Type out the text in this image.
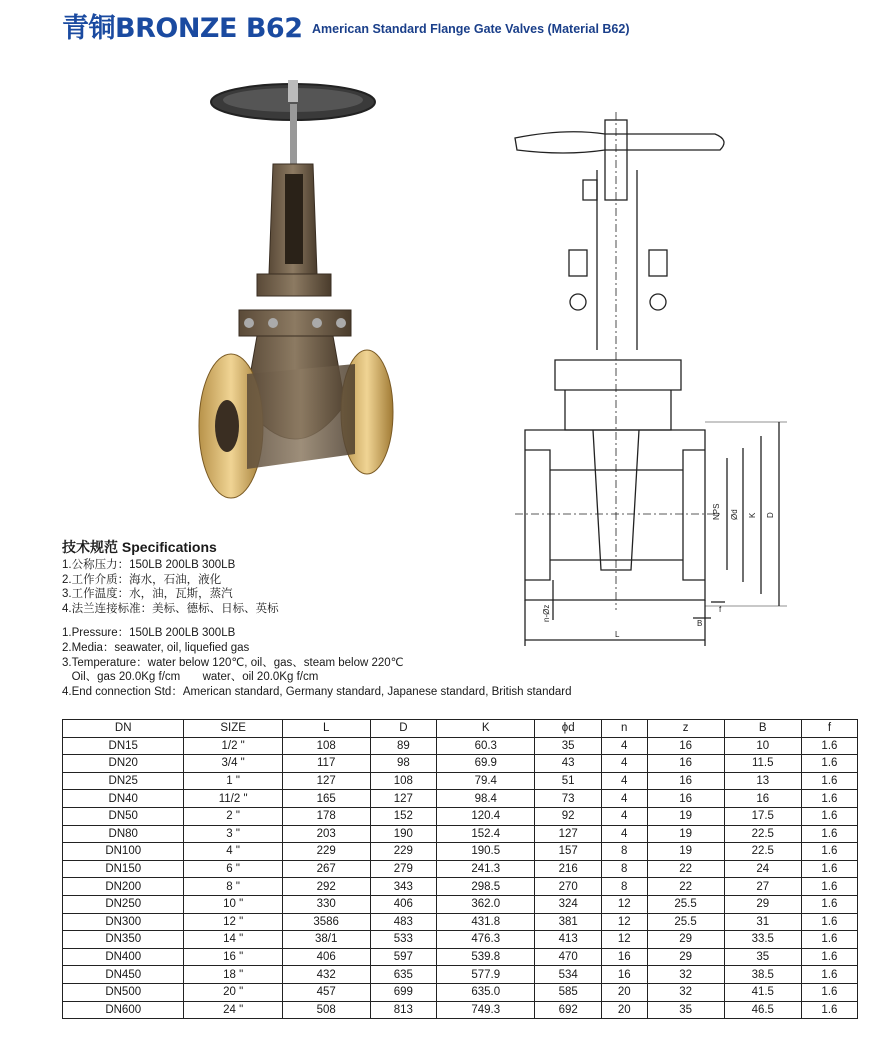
青铜BRONZE B62 American Standard Flange Gate Valves (Material B62)
NPS Ød K D
n-Øz	f
B
L
技术规范 Specifications
1.公称压力：150LB 200LB 300LB
2.工作介质：海水，石油，液化
3.工作温度：水，油，瓦斯，蒸汽
4.法兰连接标准：美标、德标、日标、英标
1.Pressure：150LB 200LB 300LB
2.Media：seawater, oil, liquefied gas
3.Temperature：water below 120℃, oil、gas、steam below 220℃
Oil、gas 20.0Kg f/cm       water、oil 20.0Kg f/cm
4.End connection Std：American standard, Germany standard, Japanese standard, British standard
DN	SIZE	L	D	K	ϕd	n	z	B	f
DN15	1/2 "	108	89	60.3	35	4	16	10	1.6
DN20	3/4 "	117	98	69.9	43	4	16	11.5	1.6
DN25	1 "	127	108	79.4	51	4	16	13	1.6
DN40	11/2 "	165	127	98.4	73	4	16	16	1.6
DN50	2 "	178	152	120.4	92	4	19	17.5	1.6
DN80	3 "	203	190	152.4	127	4	19	22.5	1.6
DN100	4 "	229	229	190.5	157	8	19	22.5	1.6
DN150	6 "	267	279	241.3	216	8	22	24	1.6
DN200	8 "	292	343	298.5	270	8	22	27	1.6
DN250	10 "	330	406	362.0	324	12	25.5	29	1.6
DN300	12 "	3586	483	431.8	381	12	25.5	31	1.6
DN350	14 "	38/1	533	476.3	413	12	29	33.5	1.6
DN400	16 "	406	597	539.8	470	16	29	35	1.6
DN450	18 "	432	635	577.9	534	16	32	38.5	1.6
DN500	20 "	457	699	635.0	585	20	32	41.5	1.6
DN600	24 "	508	813	749.3	692	20	35	46.5	1.6
